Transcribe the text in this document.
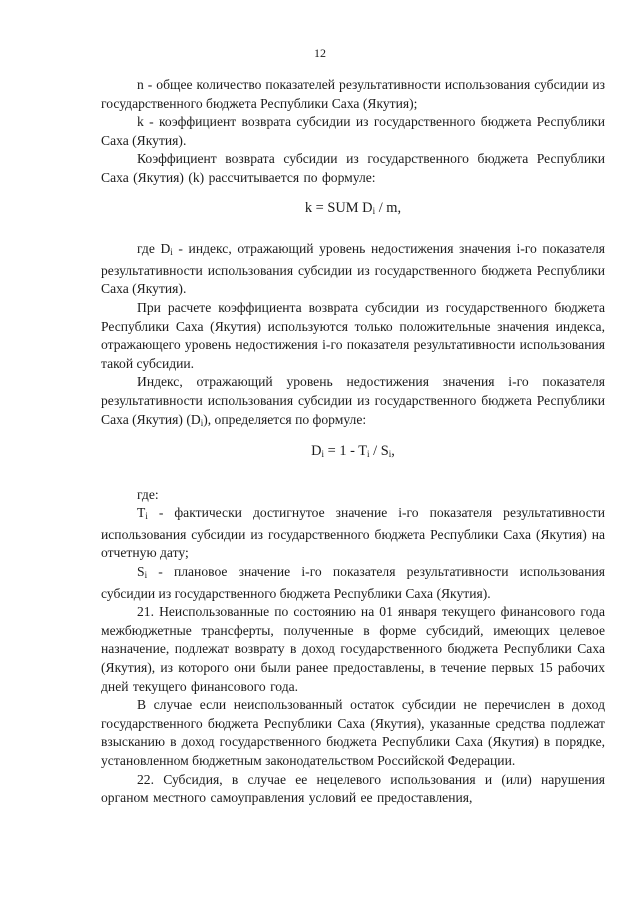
12

n - общее количество показателей результативности использования субсидии из государственного бюджета Республики Саха (Якутия);

k - коэффициент возврата субсидии из государственного бюджета Республики Саха (Якутия).

Коэффициент возврата субсидии из государственного бюджета Республики Саха (Якутия) (k) рассчитывается по формуле:

k = SUM $D_i$ / m,

где $D_i$ - индекс, отражающий уровень недостижения значения i-го показателя результативности использования субсидии из государственного бюджета Республики Саха (Якутия).

При расчете коэффициента возврата субсидии из государственного бюджета Республики Саха (Якутия) используются только положительные значения индекса, отражающего уровень недостижения i-го показателя результативности использования такой субсидии.

Индекс, отражающий уровень недостижения значения i-го показателя результативности использования субсидии из государственного бюджета Республики Саха (Якутия) $(D_i)$, определяется по формуле:

$D_i = 1 - T_i / S_i$,

где:

$T_i$ - фактически достигнутое значение i-го показателя результативности использования субсидии из государственного бюджета Республики Саха (Якутия) на отчетную дату;

$S_i$ - плановое значение i-го показателя результативности использования субсидии из государственного бюджета Республики Саха (Якутия).

21. Неиспользованные по состоянию на 01 января текущего финансового года межбюджетные трансферты, полученные в форме субсидий, имеющих целевое назначение, подлежат возврату в доход государственного бюджета Республики Саха (Якутия), из которого они были ранее предоставлены, в течение первых 15 рабочих дней текущего финансового года.

В случае если неиспользованный остаток субсидии не перечислен в доход государственного бюджета Республики Саха (Якутия), указанные средства подлежат взысканию в доход государственного бюджета Республики Саха (Якутия) в порядке, установленном бюджетным законодательством Российской Федерации.

22. Субсидия, в случае ее нецелевого использования и (или) нарушения органом местного самоуправления условий ее предоставления,
